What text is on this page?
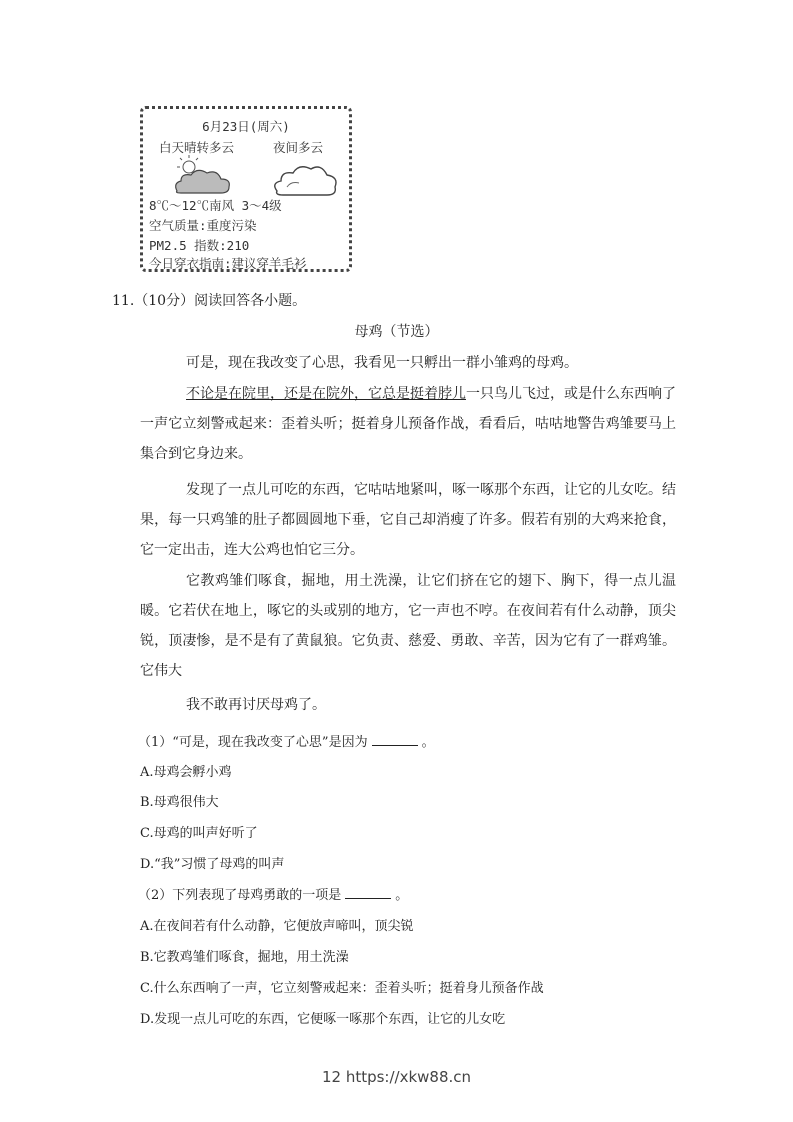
6月23日(周六)
白天晴转多云	夜间多云
8℃～12℃南风 3～4级
空气质量:重度污染
PM2.5 指数:210
今日穿衣指南:建议穿羊毛衫
11.（10分）阅读回答各小题。
母鸡（节选）

可是，现在我改变了心思，我看见一只孵出一群小雏鸡的母鸡。

不论是在院里，还是在院外，它总是挺着脖儿一只鸟儿飞过，或是什么东西响了一声它立刻警戒起来：歪着头听；挺着身儿预备作战，看看后，咕咕地警告鸡雏要马上集合到它身边来。

发现了一点儿可吃的东西，它咕咕地紧叫，啄一啄那个东西，让它的儿女吃。结果，每一只鸡雏的肚子都圆圆地下垂，它自己却消瘦了许多。假若有别的大鸡来抢食，它一定出击，连大公鸡也怕它三分。

它教鸡雏们啄食，掘地，用土洗澡，让它们挤在它的翅下、胸下，得一点儿温暖。它若伏在地上，啄它的头或别的地方，它一声也不哼。在夜间若有什么动静，顶尖锐，顶凄惨，是不是有了黄鼠狼。它负责、慈爱、勇敢、辛苦，因为它有了一群鸡雏。它伟大

我不敢再讨厌母鸡了。

（1）“可是，现在我改变了心思”是因为	。
A.母鸡会孵小鸡
B.母鸡很伟大
C.母鸡的叫声好听了
D.“我”习惯了母鸡的叫声
（2）下列表现了母鸡勇敢的一项是	。
A.在夜间若有什么动静，它便放声啼叫，顶尖锐
B.它教鸡雏们啄食，掘地，用土洗澡
C.什么东西响了一声，它立刻警戒起来：歪着头听；挺着身儿预备作战
D.发现一点儿可吃的东西，它便啄一啄那个东西，让它的儿女吃
12 https://xkw88.cn
